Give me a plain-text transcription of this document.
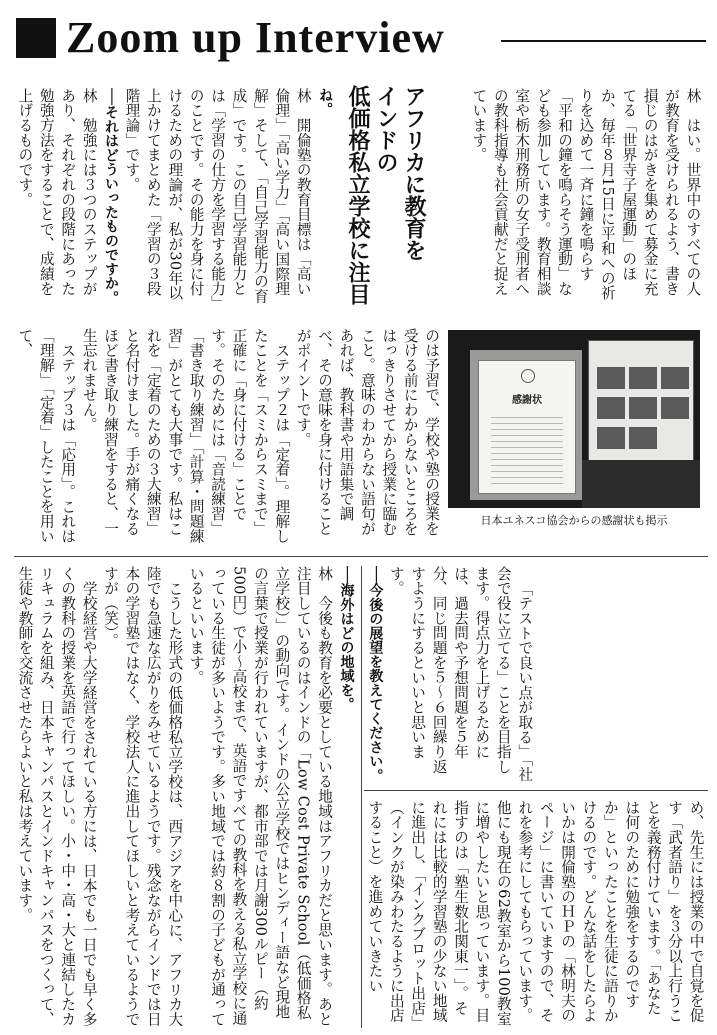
Zoom up Interview

林　はい。世界中のすべての人が教育を受けられるよう、書き損じのはがきを集めて募金に充てる「世界寺子屋運動」のほか、毎年８月15日に平和への祈りを込めて一斉に鐘を鳴らす「平和の鐘を鳴らそう運動」なども参加しています。教育相談室や栃木刑務所の女子受刑者への教科指導も社会貢献だと捉えています。

アフリカに教育を
インドの
低価格私立学校に注目

ね。

林　開倫塾の教育目標は「高い倫理」「高い学力」「高い国際理解」そして、「自己学習能力の育成」です。この自己学習能力とは「学習の仕方を学習する能力」のことです。その能力を身に付けるための理論が、私が30年以上かけてまとめた「学習の３段階理論」です。

──それはどういったものですか。

林　勉強には３つのステップがあり、それぞれの段階にあった勉強方法をすることで、成績を上げるものです。

感謝状
日本ユネスコ協会からの感謝状も掲示

のは予習で、学校や塾の授業を受ける前にわからないところをはっきりさせてから授業に臨むこと。意味のわからない語句があれば、教科書や用語集で調べ、その意味を身に付けることがポイントです。

ステップ２は「定着」。理解したことを「スミからスミまで」正確に「身に付ける」ことです。そのためには「音読練習」「書き取り練習」「計算・問題練習」がとても大事です。私はこれを「定着のための３大練習」と名付けました。手が痛くなるほど書き取り練習をすると、一生忘れません。

ステップ３は「応用」。これは「理解」「定着」したことを用いて、

「テストで良い点が取る」「社会で役に立てる」ことを目指します。得点力を上げるためには、過去問や予想問題を５年分、同じ問題を５〜６回繰り返すようにするといいと思います。

──今後の展望を教えてください。

──海外はどの地域を。

林　今後も教育を必要としている地域はアフリカだと思います。あと注目しているのはインドの「Low Cost Private School（低価格私立学校）」の動向です。インドの公立学校ではヒンディー語など現地の言葉で授業が行われていますが、都市部では月謝300ルピー（約500円）で小〜高校まで、英語ですべての教科を教える私立学校に通っている生徒が多いようです。多い地域では約８割の子どもが通っているといいます。

こうした形式の低価格私立学校は、西アジアを中心に、アフリカ大陸でも急速な広がりをみせているようです。残念ながらインドでは日本の学習塾ではなく、学校法人に進出してほしいと考えているようですが（笑）。

学校経営や大学経営をされている方には、日本でも一日でも早く多くの教科の授業を英語で行ってほしい。小・中・高・大と連結したカリキュラムを組み、日本キャンパスとインドキャンパスをつくって、生徒や教師を交流させたらよいと私は考えています。	　め、先生には授業の中で自覚を促す「武者語り」を３分以上行うことを義務付けています。「あなたは何のために勉強をするのですか」といったことを生徒に語りかけるのです。どんな話をしたらよいかは開倫塾のＨＰの「林明夫のページ」に書いていますので、それを参考にしてもらっています。他にも現在の62教室から100教室に増やしたいと思っています。目指すのは「塾生数北関東一」。それには比較的学習塾の少ない地域に進出し、「インクブロット出店」（インクが染みわたるように出店すること）を進めていきたい
